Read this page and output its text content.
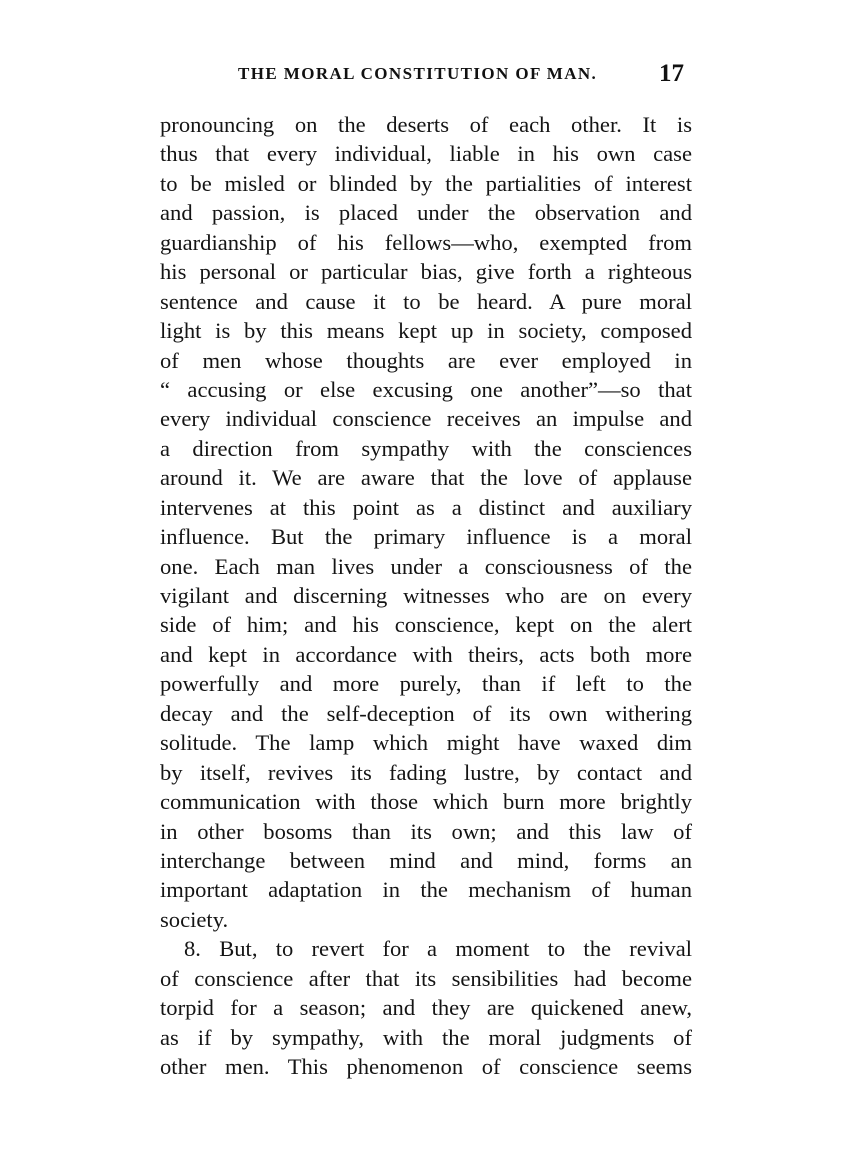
THE MORAL CONSTITUTION OF MAN. 17
pronouncing on the deserts of each other. It is
thus that every individual, liable in his own case
to be misled or blinded by the partialities of interest
and passion, is placed under the observation and
guardianship of his fellows—who, exempted from
his personal or particular bias, give forth a righteous
sentence and cause it to be heard. A pure moral
light is by this means kept up in society, composed
of men whose thoughts are ever employed in
“ accusing or else excusing one another”—so that
every individual conscience receives an impulse and
a direction from sympathy with the consciences
around it. We are aware that the love of applause
intervenes at this point as a distinct and auxiliary
influence. But the primary influence is a moral
one. Each man lives under a consciousness of the
vigilant and discerning witnesses who are on every
side of him; and his conscience, kept on the alert
and kept in accordance with theirs, acts both more
powerfully and more purely, than if left to the
decay and the self-deception of its own withering
solitude. The lamp which might have waxed dim
by itself, revives its fading lustre, by contact and
communication with those which burn more brightly
in other bosoms than its own; and this law of
interchange between mind and mind, forms an
important adaptation in the mechanism of human
society.
8. But, to revert for a moment to the revival
of conscience after that its sensibilities had become
torpid for a season; and they are quickened anew,
as if by sympathy, with the moral judgments of
other men. This phenomenon of conscience seems
